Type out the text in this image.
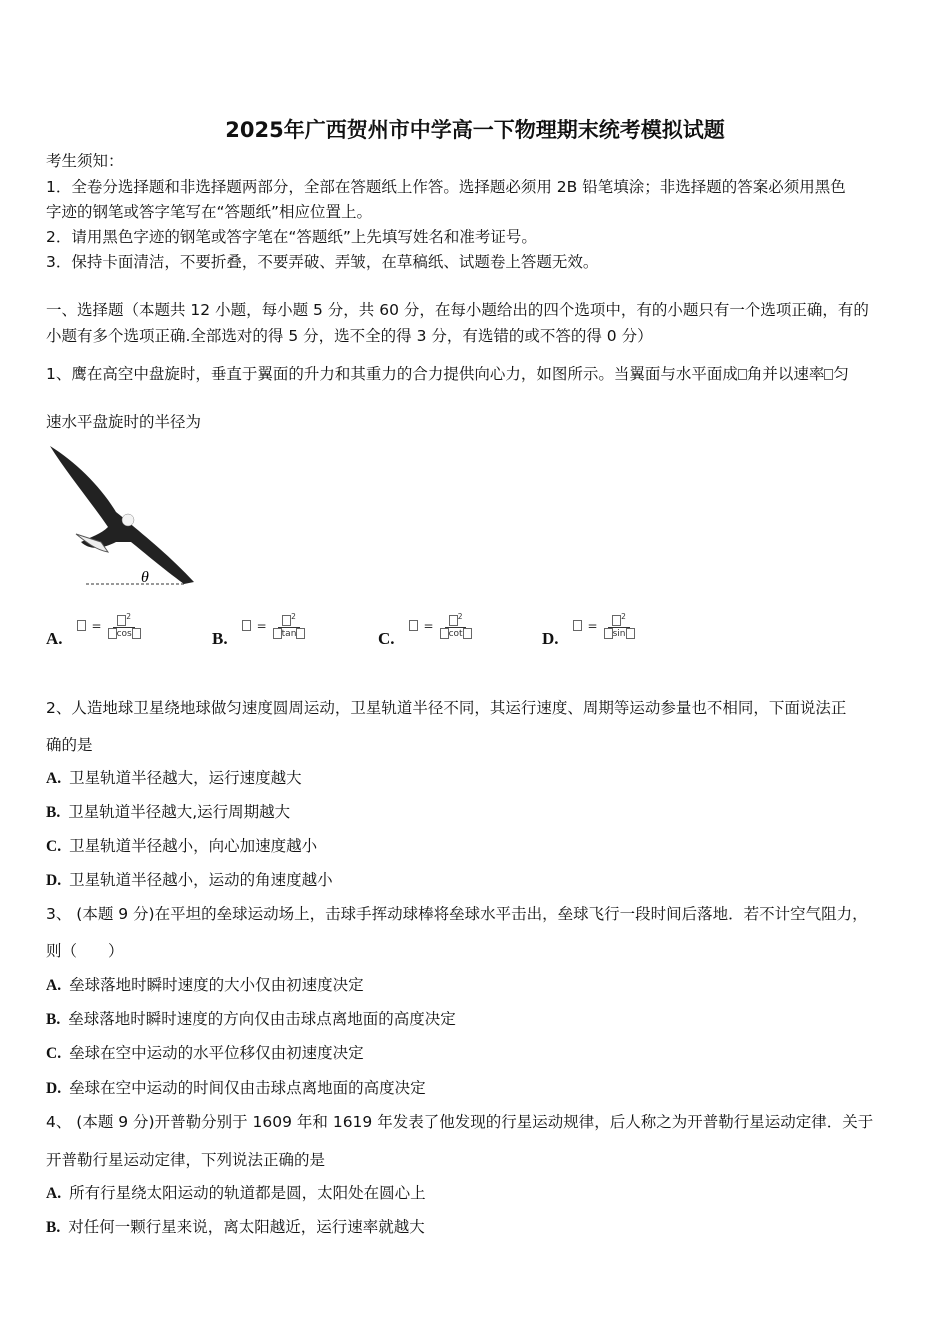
2025年广西贺州市中学高一下物理期末统考模拟试题
考生须知：
1．全卷分选择题和非选择题两部分，全部在答题纸上作答。选择题必须用 2B 铅笔填涂；非选择题的答案必须用黑色
字迹的钢笔或答字笔写在“答题纸”相应位置上。
2．请用黑色字迹的钢笔或答字笔在“答题纸”上先填写姓名和准考证号。
3．保持卡面清洁，不要折叠，不要弄破、弄皱，在草稿纸、试题卷上答题无效。
一、选择题（本题共 12 小题，每小题 5 分，共 60 分，在每小题给出的四个选项中，有的小题只有一个选项正确，有的
小题有多个选项正确.全部选对的得 5 分，选不全的得 3 分，有选错的或不答的得 0 分）
1、鹰在高空中盘旋时，垂直于翼面的升力和其重力的合力提供向心力，如图所示。当翼面与水平面成 角并以速率 匀
速水平盘旋时的半径为
θ
A.
= $\frac{^2}{\cos}$	B.
= $\frac{^2}{\tan}$	C.
= $\frac{^2}{\cot}$	D.
= $\frac{^2}{\sin}$
2、人造地球卫星绕地球做匀速度圆周运动，卫星轨道半径不同，其运行速度、周期等运动参量也不相同，下面说法正
确的是
A. 卫星轨道半径越大，运行速度越大
B. 卫星轨道半径越大,运行周期越大
C. 卫星轨道半径越小，向心加速度越小
D. 卫星轨道半径越小，运动的角速度越小
3、 (本题 9 分)在平坦的垒球运动场上，击球手挥动球棒将垒球水平击出，垒球飞行一段时间后落地．若不计空气阻力，
则（　　）
A. 垒球落地时瞬时速度的大小仅由初速度决定
B. 垒球落地时瞬时速度的方向仅由击球点离地面的高度决定
C. 垒球在空中运动的水平位移仅由初速度决定
D. 垒球在空中运动的时间仅由击球点离地面的高度决定
4、 (本题 9 分)开普勒分别于 1609 年和 1619 年发表了他发现的行星运动规律，后人称之为开普勒行星运动定律．关于
开普勒行星运动定律，下列说法正确的是
A. 所有行星绕太阳运动的轨道都是圆，太阳处在圆心上
B. 对任何一颗行星来说，离太阳越近，运行速率就越大
